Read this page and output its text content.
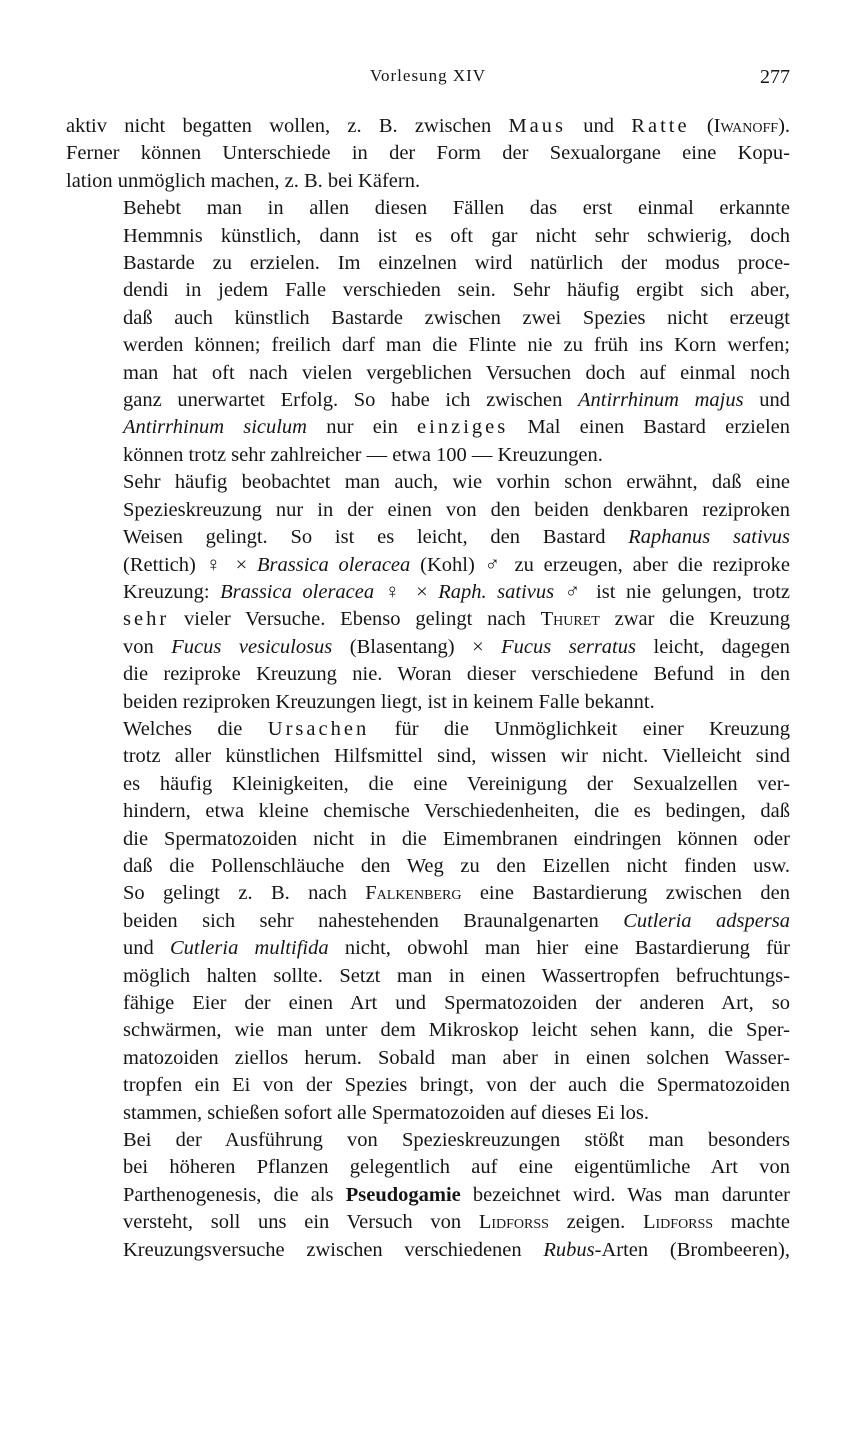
Vorlesung XIV	277

aktiv nicht begatten wollen, z. B. zwischen Maus und Ratte (Iwanoff).
Ferner können Unterschiede in der Form der Sexualorgane eine Kopu-
lation unmöglich machen, z. B. bei Käfern.

Behebt man in allen diesen Fällen das erst einmal erkannte
Hemmnis künstlich, dann ist es oft gar nicht sehr schwierig, doch
Bastarde zu erzielen. Im einzelnen wird natürlich der modus proce-
dendi in jedem Falle verschieden sein. Sehr häufig ergibt sich aber,
daß auch künstlich Bastarde zwischen zwei Spezies nicht erzeugt
werden können; freilich darf man die Flinte nie zu früh ins Korn werfen;
man hat oft nach vielen vergeblichen Versuchen doch auf einmal noch
ganz unerwartet Erfolg. So habe ich zwischen Antirrhinum majus und
Antirrhinum siculum nur ein einziges Mal einen Bastard erzielen
können trotz sehr zahlreicher — etwa 100 — Kreuzungen.

Sehr häufig beobachtet man auch, wie vorhin schon erwähnt, daß eine
Spezieskreuzung nur in der einen von den beiden denkbaren reziproken
Weisen gelingt. So ist es leicht, den Bastard Raphanus sativus
(Rettich) ♀ × Brassica oleracea (Kohl) ♂ zu erzeugen, aber die reziproke
Kreuzung: Brassica oleracea ♀ × Raph. sativus ♂ ist nie gelungen, trotz
sehr vieler Versuche. Ebenso gelingt nach Thuret zwar die Kreuzung
von Fucus vesiculosus (Blasentang) × Fucus serratus leicht, dagegen
die reziproke Kreuzung nie. Woran dieser verschiedene Befund in den
beiden reziproken Kreuzungen liegt, ist in keinem Falle bekannt.

Welches die Ursachen für die Unmöglichkeit einer Kreuzung
trotz aller künstlichen Hilfsmittel sind, wissen wir nicht. Vielleicht sind
es häufig Kleinigkeiten, die eine Vereinigung der Sexualzellen ver-
hindern, etwa kleine chemische Verschiedenheiten, die es bedingen, daß
die Spermatozoiden nicht in die Eimembranen eindringen können oder
daß die Pollenschläuche den Weg zu den Eizellen nicht finden usw.
So gelingt z. B. nach Falkenberg eine Bastardierung zwischen den
beiden sich sehr nahestehenden Braunalgenarten Cutleria adspersa
und Cutleria multifida nicht, obwohl man hier eine Bastardierung für
möglich halten sollte. Setzt man in einen Wassertropfen befruchtungs-
fähige Eier der einen Art und Spermatozoiden der anderen Art, so
schwärmen, wie man unter dem Mikroskop leicht sehen kann, die Sper-
matozoiden ziellos herum. Sobald man aber in einen solchen Wasser-
tropfen ein Ei von der Spezies bringt, von der auch die Spermatozoiden
stammen, schießen sofort alle Spermatozoiden auf dieses Ei los.

Bei der Ausführung von Spezieskreuzungen stößt man besonders
bei höheren Pflanzen gelegentlich auf eine eigentümliche Art von
Parthenogenesis, die als Pseudogamie bezeichnet wird. Was man darunter
versteht, soll uns ein Versuch von Lidforss zeigen. Lidforss machte
Kreuzungsversuche zwischen verschiedenen Rubus-Arten (Brombeeren),
